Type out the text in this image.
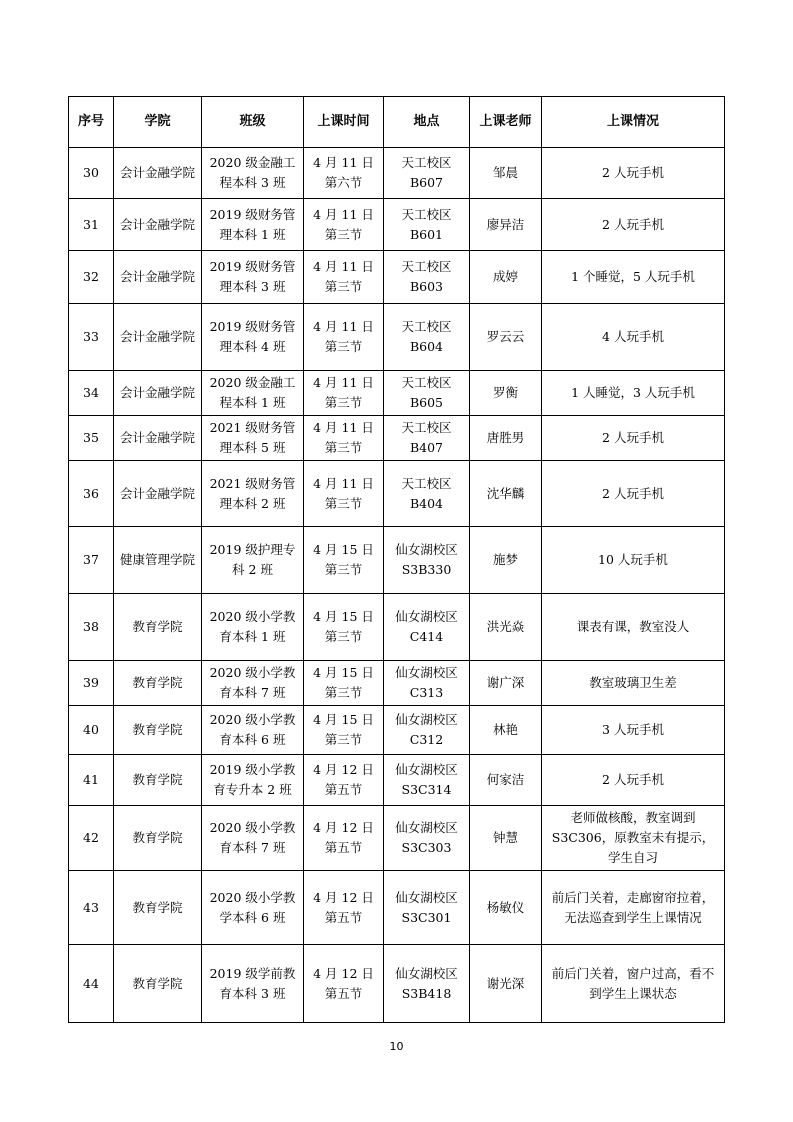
序号	学院	班级	上课时间	地点	上课老师	上课情况
30	会计金融学院	2020 级金融工程本科 3 班	4 月 11 日第六节	天工校区B607	邹晨	2 人玩手机
31	会计金融学院	2019 级财务管理本科 1 班	4 月 11 日第三节	天工校区B601	廖异洁	2 人玩手机
32	会计金融学院	2019 级财务管理本科 3 班	4 月 11 日第三节	天工校区B603	成婷	1 个睡觉，5 人玩手机
33	会计金融学院	2019 级财务管理本科 4 班	4 月 11 日第三节	天工校区B604	罗云云	4 人玩手机
34	会计金融学院	2020 级金融工程本科 1 班	4 月 11 日第三节	天工校区B605	罗衡	1 人睡觉，3 人玩手机
35	会计金融学院	2021 级财务管理本科 5 班	4 月 11 日第三节	天工校区B407	唐胜男	2 人玩手机
36	会计金融学院	2021 级财务管理本科 2 班	4 月 11 日第三节	天工校区B404	沈华麟	2 人玩手机
37	健康管理学院	2019 级护理专科 2 班	4 月 15 日第三节	仙女湖校区S3B330	施梦	10 人玩手机
38	教育学院	2020 级小学教育本科 1 班	4 月 15 日第三节	仙女湖校区C414	洪光焱	课表有课，教室没人
39	教育学院	2020 级小学教育本科 7 班	4 月 15 日第三节	仙女湖校区C313	谢广深	教室玻璃卫生差
40	教育学院	2020 级小学教育本科 6 班	4 月 15 日第三节	仙女湖校区C312	林艳	3 人玩手机
41	教育学院	2019 级小学教育专升本 2 班	4 月 12 日第五节	仙女湖校区S3C314	何家洁	2 人玩手机
42	教育学院	2020 级小学教育本科 7 班	4 月 12 日第五节	仙女湖校区S3C303	钟慧	老师做核酸，教室调到S3C306，原教室未有提示，学生自习
43	教育学院	2020 级小学教学本科 6 班	4 月 12 日第五节	仙女湖校区S3C301	杨敏仪	前后门关着，走廊窗帘拉着，无法巡查到学生上课情况
44	教育学院	2019 级学前教育本科 3 班	4 月 12 日第五节	仙女湖校区S3B418	谢光深	前后门关着，窗户过高，看不到学生上课状态
10
